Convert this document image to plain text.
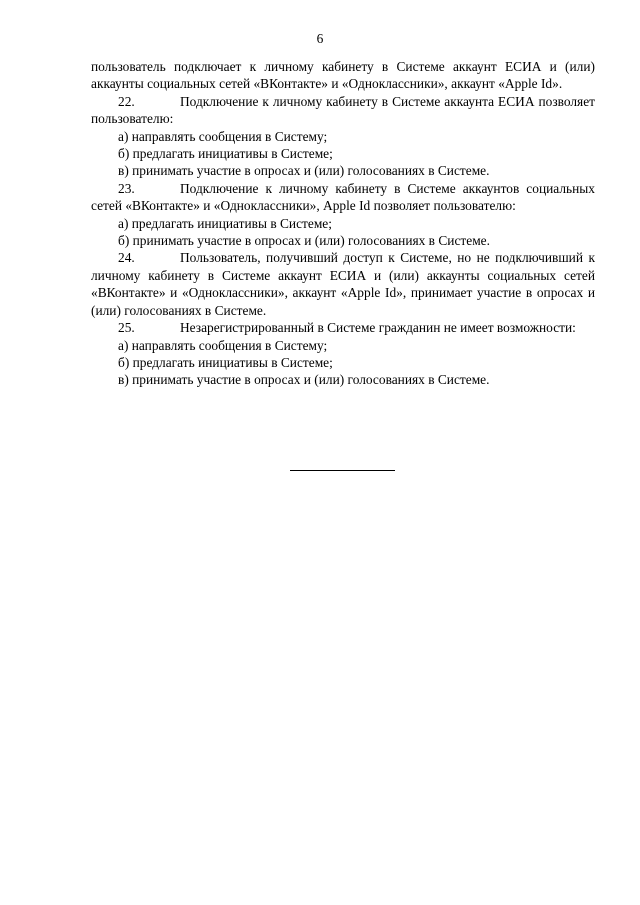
6

пользователь подключает к личному кабинету в Системе аккаунт ЕСИА и (или) аккаунты социальных сетей «ВКонтакте» и «Одноклассники», аккаунт «Apple Id».

22.	Подключение к личному кабинету в Системе аккаунта ЕСИА позволяет пользователю:

а) направлять сообщения в Систему;

б) предлагать инициативы в Системе;

в) принимать участие в опросах и (или) голосованиях в Системе.

23.	Подключение к личному кабинету в Системе аккаунтов социальных сетей «ВКонтакте» и «Одноклассники», Apple Id позволяет пользователю:

а) предлагать инициативы в Системе;

б) принимать участие в опросах и (или) голосованиях в Системе.

24.	Пользователь, получивший доступ к Системе, но не подключивший к личному кабинету в Системе аккаунт ЕСИА и (или) аккаунты социальных сетей «ВКонтакте» и «Одноклассники», аккаунт «Apple Id», принимает участие в опросах и (или) голосованиях в Системе.

25.	Незарегистрированный в Системе гражданин не имеет возможности:

а) направлять сообщения в Систему;

б) предлагать инициативы в Системе;

в) принимать участие в опросах и (или) голосованиях в Системе.
